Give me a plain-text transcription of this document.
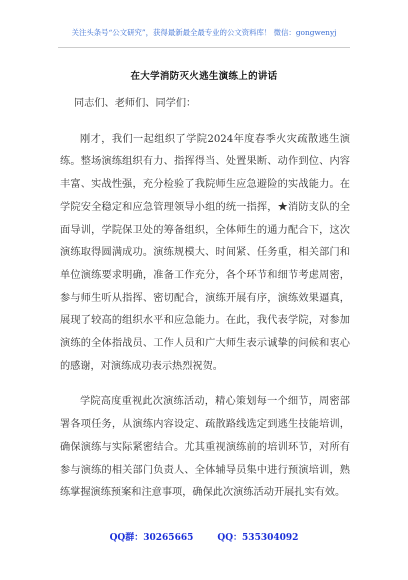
关注头条号“公文研究”，获得最新最全最专业的公文资料库！ 微信：gongwenyj
在大学消防灭火逃生演练上的讲话

同志们、老师们、同学们：

刚才，我们一起组织了学院2024年度春季火灾疏散逃生演练。整场演练组织有力、指挥得当、处置果断、动作到位、内容丰富、实战性强，充分检验了我院师生应急避险的实战能力。在学院安全稳定和应急管理领导小组的统一指挥，★消防支队的全面导训，学院保卫处的筹备组织，全体师生的通力配合下，这次演练取得圆满成功。演练规模大、时间紧、任务重，相关部门和单位演练要求明确，准备工作充分，各个环节和细节考虑周密，参与师生听从指挥、密切配合，演练开展有序，演练效果逼真，展现了较高的组织水平和应急能力。在此，我代表学院，对参加演练的全体指战员、工作人员和广大师生表示诚挚的问候和衷心的感谢，对演练成功表示热烈祝贺。

学院高度重视此次演练活动，精心策划每一个细节，周密部署各项任务，从演练内容设定、疏散路线选定到逃生技能培训，确保演练与实际紧密结合。尤其重视演练前的培训环节，对所有参与演练的相关部门负责人、全体辅导员集中进行预演培训，熟练掌握演练预案和注意事项，确保此次演练活动开展扎实有效。

QQ群：30265665	QQ：535304092
